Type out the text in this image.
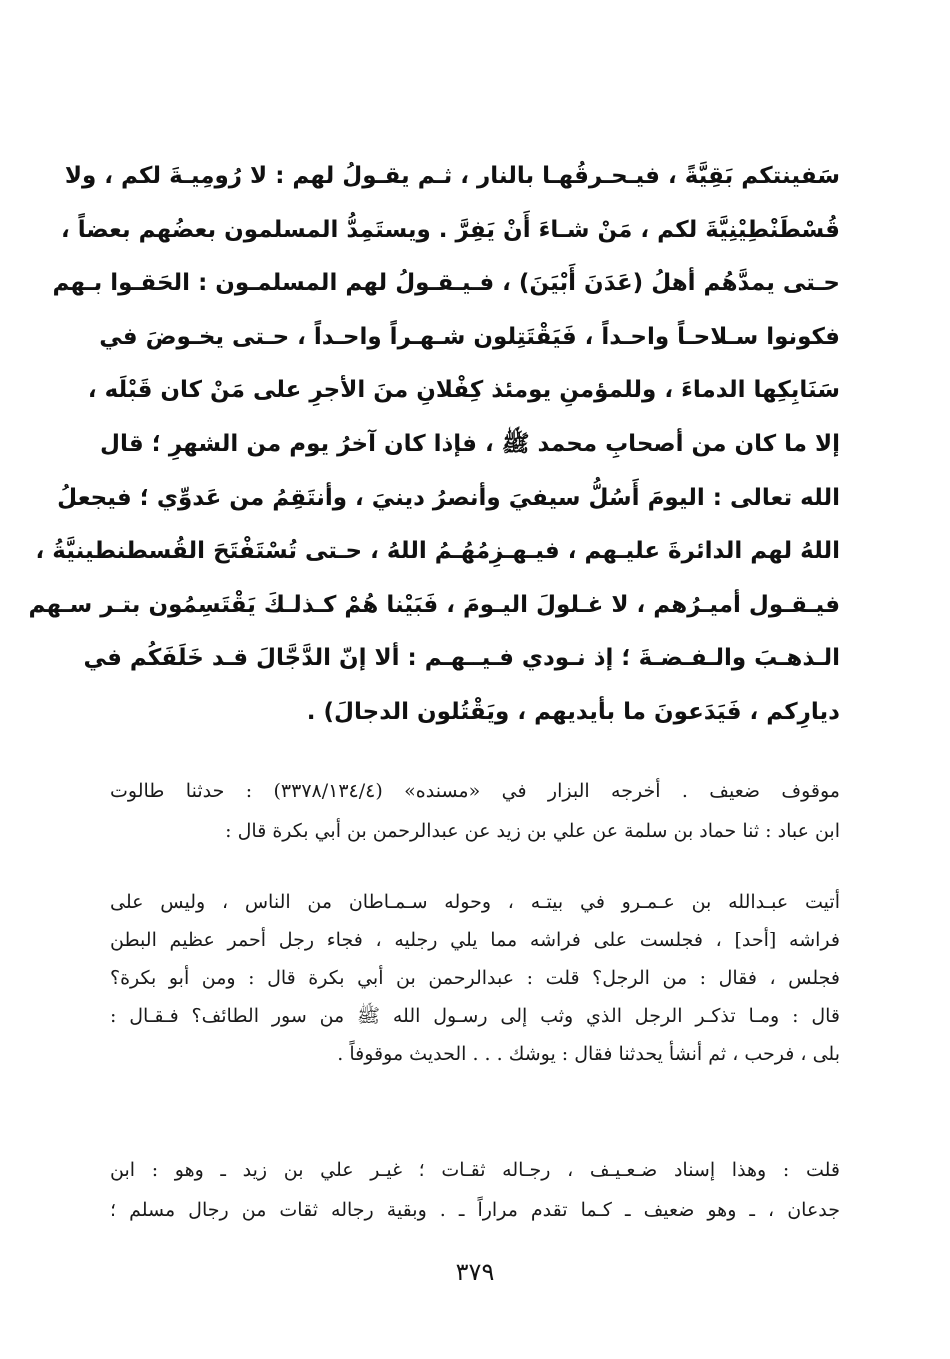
سَفينتكم بَقِيَّةً ، فيـحـرقُهـا بالنار ، ثـم يقـولُ لهم : لا رُومِيـةَ لكم ، ولا
قُسْطَنْطِيْنِيَّةَ لكم ، مَنْ شـاءَ أَنْ يَفِرَّ . ويستَمِدُّ المسلمون بعضُهم بعضاً ،
حـتى يمدَّهُم أهلُ (عَدَنَ أَبْيَنَ) ، فـيـقـولُ لهم المسلمـون : الحَقـوا بـهم
فكونوا سـلاحـاً واحـداً ، فَيَقْتَتِلون شـهـراً واحـداً ، حـتى يخـوضَ في
سَنَابِكِها الدماءَ ، وللمؤمنِ يومئذ كِفْلانِ منَ الأجرِ على مَنْ كان قَبْلَه ،
إلا ما كان من أصحابِ محمد ﷺ ، فإذا كان آخرُ يوم من الشهرِ ؛ قال
الله تعالى : اليومَ أَسُلُّ سيفيَ وأنصرُ دينيَ ، وأنتَقِمُ من عَدوِّي ؛ فيجعلُ
اللهُ لهم الدائرةَ عليـهم ، فيـهـزِمُهُـمُ اللهُ ، حـتى تُسْتَفْتَحَ القُسطنطينيَّةُ ،
فيـقـول أميـرُهم ، لا غـلولَ اليـومَ ، فَبَيْنا هُمْ كـذلـكَ يَقْتَسِمُون بتـر سـهم
الـذهـبَ والـفـضـةَ ؛ إذ نـودي فـيــهـم : ألا إنّ الدَّجَّالَ قـد خَلَفَكُم في
ديارِكم ، فَيَدَعونَ ما بأيديهم ، ويَقْتُلون الدجالَ) .
موقوف ضعيف . أخرجه البزار في «مسنده» (٣٣٧٨/١٣٤/٤) : حدثنا طالوت
ابن عباد : ثنا حماد بن سلمة عن علي بن زيد عن عبدالرحمن بن أبي بكرة قال :
أتيت عبـدالله بن عـمـرو في بيتـه ، وحوله سـمـاطان من الناس ، وليس على
فراشه [أحد] ، فجلست على فراشه مما يلي رجليه ، فجاء رجل أحمر عظيم البطن
فجلس ، فقال : من الرجل؟ قلت : عبدالرحمن بن أبي بكرة قال : ومن أبو بكرة؟
قال : ومـا تذكـر الرجل الذي وثب إلى رسـول الله ﷺ من سور الطائف؟ فـقـال :
بلى ، فرحب ، ثم أنشأ يحدثنا فقال : يوشك . . . الحديث موقوفاً .
قلت : وهذا إسناد ضـعـيـف ، رجـاله ثقـات ؛ غيـر علي بن زيد ـ وهو : ابن
جدعان ، ـ وهو ضعيف ـ كـما تقدم مراراً ـ . وبقية رجاله ثقات من رجال مسلم ؛
٣٧٩
